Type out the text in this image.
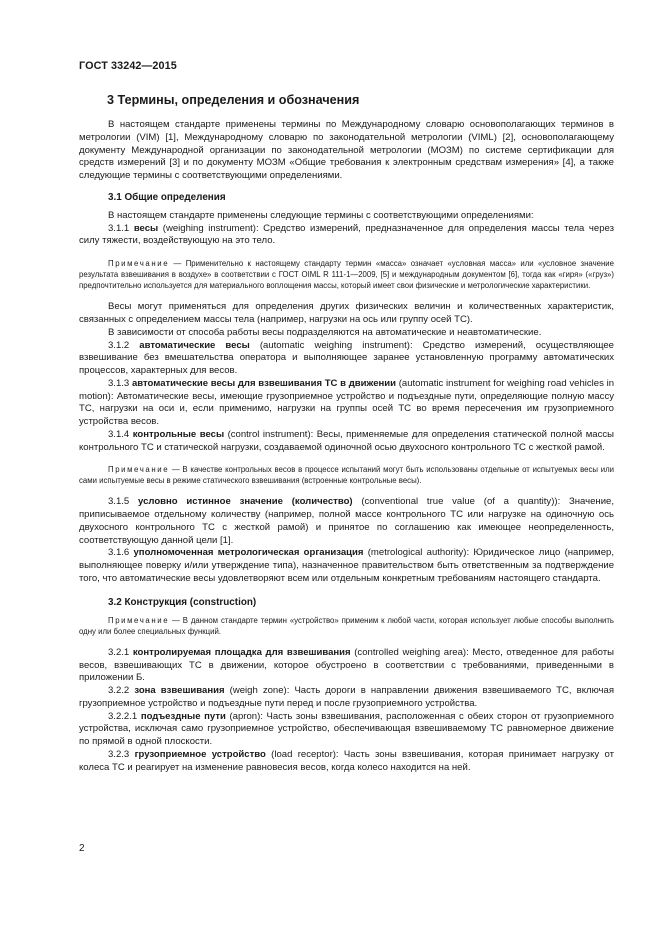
ГОСТ 33242—2015
3 Термины, определения и обозначения

В настоящем стандарте применены термины по Международному словарю основополагающих терминов в метрологии (VIM) [1], Международному словарю по законодательной метрологии (VIML) [2], основополагающему документу Международной организации по законодательной метрологии (МОЗМ) по системе сертификации для средств измерений [3] и по документу МОЗМ «Общие требования к электронным средствам измерения» [4], а также следующие термины с соответствующими определениями.

3.1 Общие определения

В настоящем стандарте применены следующие термины с соответствующими определениями:

3.1.1 весы (weighing instrument): Средство измерений, предназначенное для определения массы тела через силу тяжести, воздействующую на это тело.

Примечание — Применительно к настоящему стандарту термин «масса» означает «условная масса» или «условное значение результата взвешивания в воздухе» в соответствии с ГОСТ OIML R 111-1—2009, [5] и международным документом [6], тогда как «гиря» («груз») предпочтительно используется для материального воплощения массы, который имеет свои физические и метрологические характеристики.

Весы могут применяться для определения других физических величин и количественных характеристик, связанных с определением массы тела (например, нагрузки на ось или группу осей ТС).

В зависимости от способа работы весы подразделяются на автоматические и неавтоматические.

3.1.2 автоматические весы (automatic weighing instrument): Средство измерений, осуществляющее взвешивание без вмешательства оператора и выполняющее заранее установленную программу автоматических процессов, характерных для весов.

3.1.3 автоматические весы для взвешивания ТС в движении (automatic instrument for weighing road vehicles in motion): Автоматические весы, имеющие грузоприемное устройство и подъездные пути, определяющие полную массу ТС, нагрузки на оси и, если применимо, нагрузки на группы осей ТС во время пересечения им грузоприемного устройства весов.

3.1.4 контрольные весы (control instrument): Весы, применяемые для определения статической полной массы контрольного ТС и статической нагрузки, создаваемой одиночной осью двухосного контрольного ТС с жесткой рамой.

Примечание — В качестве контрольных весов в процессе испытаний могут быть использованы отдельные от испытуемых весы или сами испытуемые весы в режиме статического взвешивания (встроенные контрольные весы).

3.1.5 условно истинное значение (количество) (conventional true value (of a quantity)): Значение, приписываемое отдельному количеству (например, полной массе контрольного ТС или нагрузке на одиночную ось двухосного контрольного ТС с жесткой рамой) и принятое по соглашению как имеющее неопределенность, соответствующую данной цели [1].

3.1.6 уполномоченная метрологическая организация (metrological authority): Юридическое лицо (например, выполняющее поверку и/или утверждение типа), назначенное правительством быть ответственным за подтверждение того, что автоматические весы удовлетворяют всем или отдельным конкретным требованиям настоящего стандарта.

3.2 Конструкция (construction)

Примечание — В данном стандарте термин «устройство» применим к любой части, которая использует любые способы выполнить одну или более специальных функций.

3.2.1 контролируемая площадка для взвешивания (controlled weighing area): Место, отведенное для работы весов, взвешивающих ТС в движении, которое обустроено в соответствии с требованиями, приведенными в приложении Б.

3.2.2 зона взвешивания (weigh zone): Часть дороги в направлении движения взвешиваемого ТС, включая грузоприемное устройство и подъездные пути перед и после грузоприемного устройства.

3.2.2.1 подъездные пути (apron): Часть зоны взвешивания, расположенная с обеих сторон от грузоприемного устройства, исключая само грузоприемное устройство, обеспечивающая взвешиваемому ТС равномерное движение по прямой в одной плоскости.

3.2.3 грузоприемное устройство (load receptor): Часть зоны взвешивания, которая принимает нагрузку от колеса ТС и реагирует на изменение равновесия весов, когда колесо находится на ней.

2
